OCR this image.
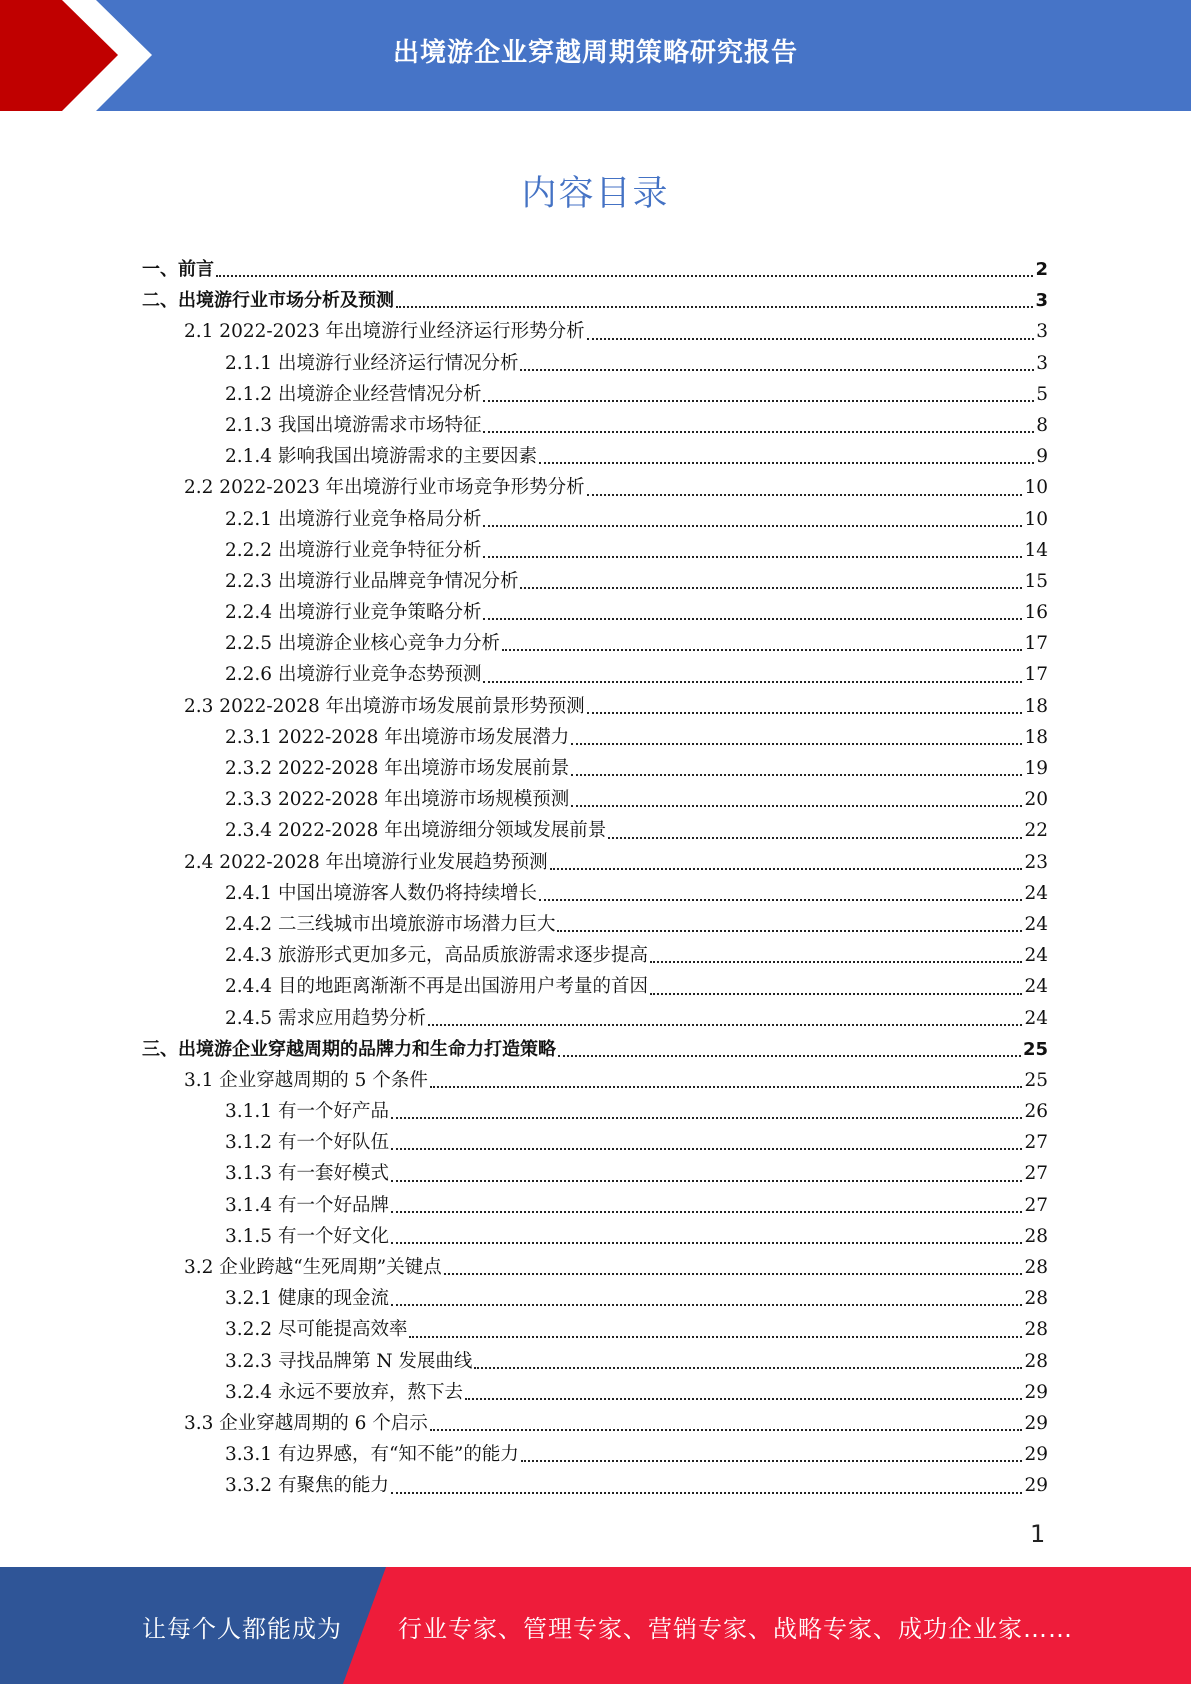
出境游企业穿越周期策略研究报告
内容目录
一、前言	2
二、出境游行业市场分析及预测	3
2.1 2022-2023 年出境游行业经济运行形势分析	3
2.1.1 出境游行业经济运行情况分析	3
2.1.2 出境游企业经营情况分析	5
2.1.3 我国出境游需求市场特征	8
2.1.4 影响我国出境游需求的主要因素	9
2.2 2022-2023 年出境游行业市场竞争形势分析	10
2.2.1 出境游行业竞争格局分析	10
2.2.2 出境游行业竞争特征分析	14
2.2.3 出境游行业品牌竞争情况分析	15
2.2.4 出境游行业竞争策略分析	16
2.2.5 出境游企业核心竞争力分析	17
2.2.6 出境游行业竞争态势预测	17
2.3 2022-2028 年出境游市场发展前景形势预测	18
2.3.1 2022-2028 年出境游市场发展潜力	18
2.3.2 2022-2028 年出境游市场发展前景	19
2.3.3 2022-2028 年出境游市场规模预测	20
2.3.4 2022-2028 年出境游细分领域发展前景	22
2.4 2022-2028 年出境游行业发展趋势预测	23
2.4.1 中国出境游客人数仍将持续增长	24
2.4.2 二三线城市出境旅游市场潜力巨大	24
2.4.3 旅游形式更加多元，高品质旅游需求逐步提高	24
2.4.4 目的地距离渐渐不再是出国游用户考量的首因	24
2.4.5 需求应用趋势分析	24
三、出境游企业穿越周期的品牌力和生命力打造策略	25
3.1 企业穿越周期的 5 个条件	25
3.1.1 有一个好产品	26
3.1.2 有一个好队伍	27
3.1.3 有一套好模式	27
3.1.4 有一个好品牌	27
3.1.5 有一个好文化	28
3.2 企业跨越“生死周期”关键点	28
3.2.1 健康的现金流	28
3.2.2 尽可能提高效率	28
3.2.3 寻找品牌第 N 发展曲线	28
3.2.4 永远不要放弃，熬下去	29
3.3 企业穿越周期的 6 个启示	29
3.3.1 有边界感，有“知不能”的能力	29
3.3.2 有聚焦的能力	29
1
让每个人都能成为 行业专家、管理专家、营销专家、战略专家、成功企业家……
